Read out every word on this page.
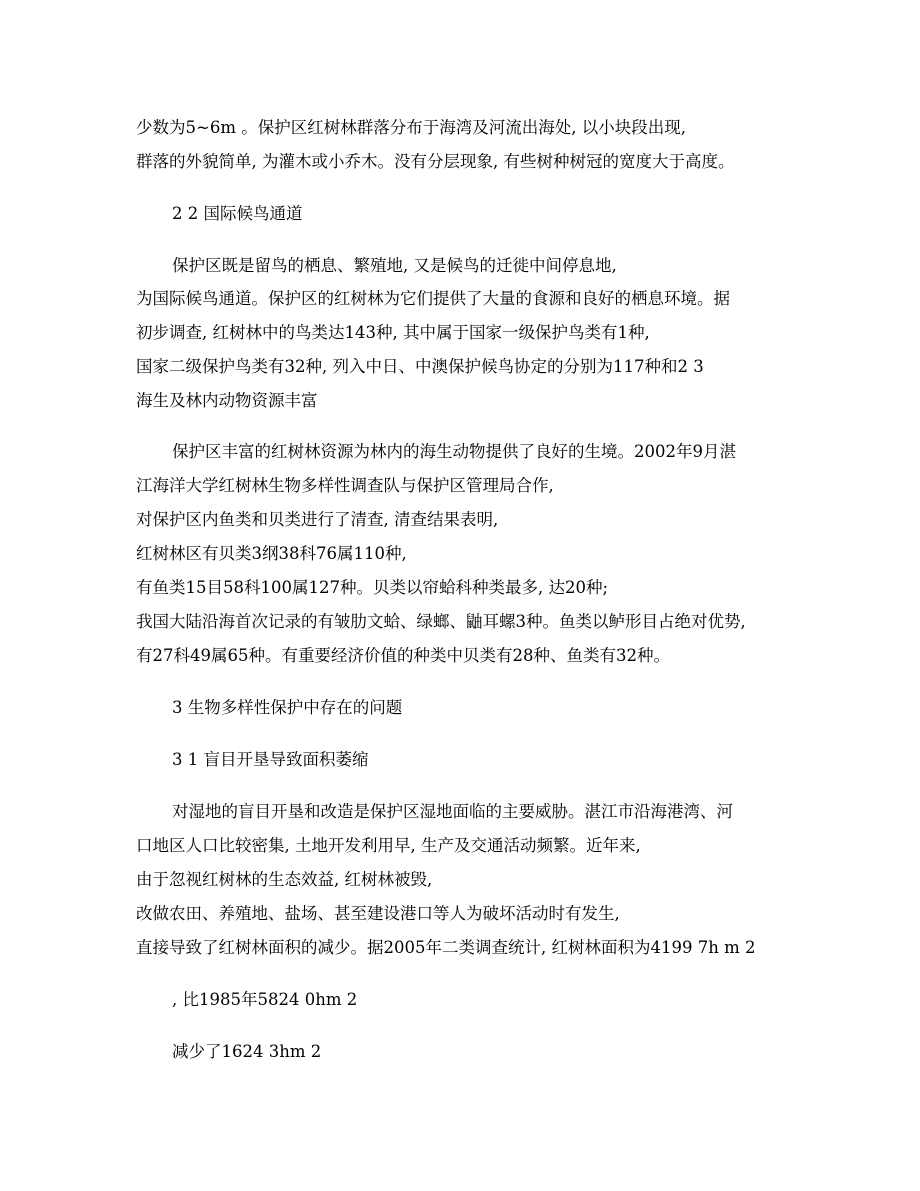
少数为5~6m 。保护区红树林群落分布于海湾及河流出海处, 以小块段出现,
群落的外貌简单, 为灌木或小乔木。没有分层现象, 有些树种树冠的宽度大于高度。
2 2 国际候鸟通道
保护区既是留鸟的栖息、繁殖地, 又是候鸟的迁徙中间停息地,
为国际候鸟通道。保护区的红树林为它们提供了大量的食源和良好的栖息环境。据
初步调查, 红树林中的鸟类达143种, 其中属于国家一级保护鸟类有1种,
国家二级保护鸟类有32种, 列入中日、中澳保护候鸟协定的分别为117种和2 3
海生及林内动物资源丰富
保护区丰富的红树林资源为林内的海生动物提供了良好的生境。2002年9月湛
江海洋大学红树林生物多样性调查队与保护区管理局合作,
对保护区内鱼类和贝类进行了清查, 清查结果表明,
红树林区有贝类3纲38科76属110种,
有鱼类15目58科100属127种。贝类以帘蛤科种类最多, 达20种;
我国大陆沿海首次记录的有皱肋文蛤、绿螂、鼬耳螺3种。鱼类以鲈形目占绝对优势,
有27科49属65种。有重要经济价值的种类中贝类有28种、鱼类有32种。
3 生物多样性保护中存在的问题
3 1 盲目开垦导致面积萎缩
对湿地的盲目开垦和改造是保护区湿地面临的主要威胁。湛江市沿海港湾、河
口地区人口比较密集, 土地开发利用早, 生产及交通活动频繁。近年来,
由于忽视红树林的生态效益, 红树林被毁,
改做农田、养殖地、盐场、甚至建设港口等人为破坏活动时有发生,
直接导致了红树林面积的减少。据2005年二类调查统计, 红树林面积为4199 7h m 2
, 比1985年5824 0hm 2
减少了1624 3hm 2
